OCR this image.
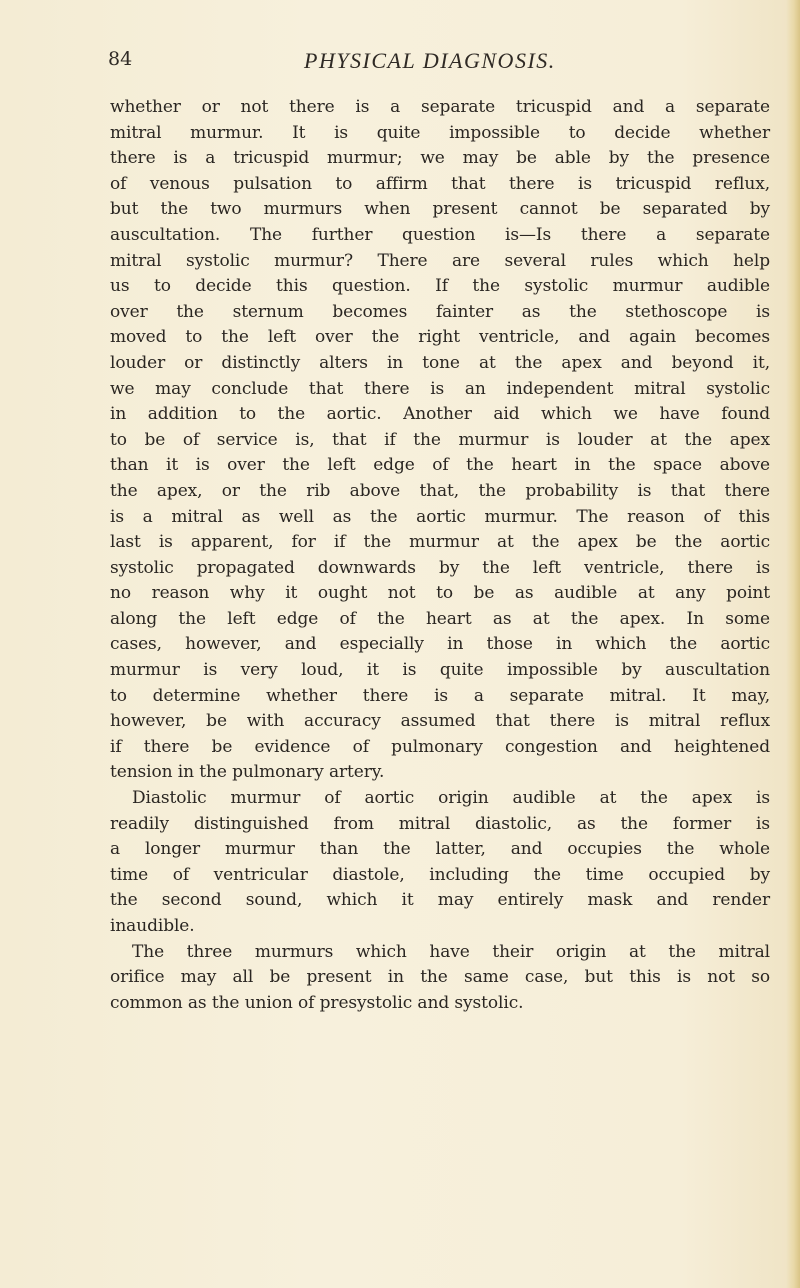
84	PHYSICAL DIAGNOSIS.
whether or not there is a separate tricuspid and a separate
mitral murmur. It is quite impossible to decide whether
there is a tricuspid murmur; we may be able by the presence
of venous pulsation to affirm that there is tricuspid reflux,
but the two murmurs when present cannot be separated by
auscultation. The further question is—Is there a separate
mitral systolic murmur? There are several rules which help
us to decide this question. If the systolic murmur audible
over the sternum becomes fainter as the stethoscope is
moved to the left over the right ventricle, and again becomes
louder or distinctly alters in tone at the apex and beyond it,
we may conclude that there is an independent mitral systolic
in addition to the aortic. Another aid which we have found
to be of service is, that if the murmur is louder at the apex
than it is over the left edge of the heart in the space above
the apex, or the rib above that, the probability is that there
is a mitral as well as the aortic murmur. The reason of this
last is apparent, for if the murmur at the apex be the aortic
systolic propagated downwards by the left ventricle, there is
no reason why it ought not to be as audible at any point
along the left edge of the heart as at the apex. In some
cases, however, and especially in those in which the aortic
murmur is very loud, it is quite impossible by auscultation
to determine whether there is a separate mitral. It may,
however, be with accuracy assumed that there is mitral reflux
if there be evidence of pulmonary congestion and heightened
tension in the pulmonary artery.
Diastolic murmur of aortic origin audible at the apex is
readily distinguished from mitral diastolic, as the former is
a longer murmur than the latter, and occupies the whole
time of ventricular diastole, including the time occupied by
the second sound, which it may entirely mask and render
inaudible.
The three murmurs which have their origin at the mitral
orifice may all be present in the same case, but this is not so
common as the union of presystolic and systolic.
